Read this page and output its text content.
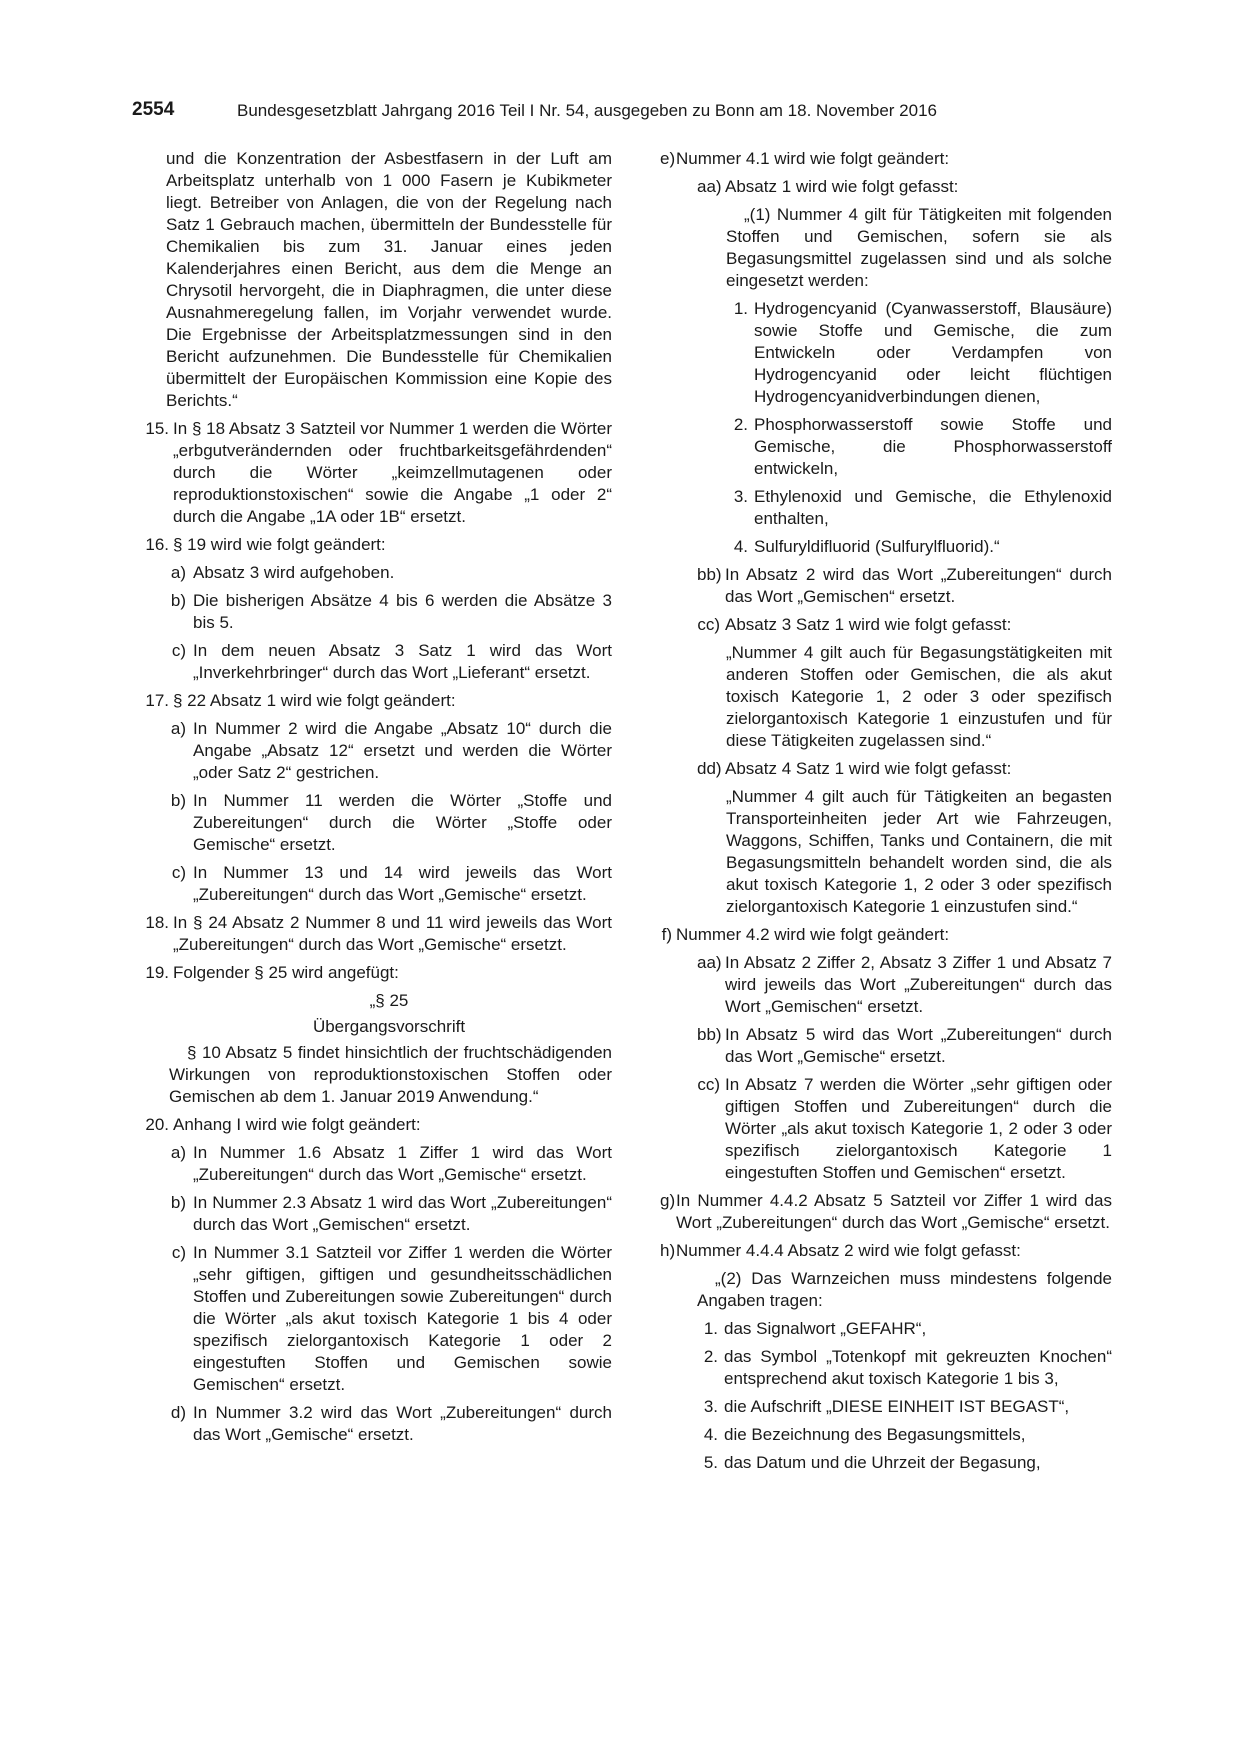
2554	Bundesgesetzblatt Jahrgang 2016 Teil I Nr. 54, ausgegeben zu Bonn am 18. November 2016

und die Konzentration der Asbestfasern in der Luft am Arbeitsplatz unterhalb von 1 000 Fasern je Kubikmeter liegt. Betreiber von Anlagen, die von der Regelung nach Satz 1 Gebrauch machen, übermitteln der Bundesstelle für Chemikalien bis zum 31. Januar eines jeden Kalenderjahres einen Bericht, aus dem die Menge an Chrysotil hervorgeht, die in Diaphragmen, die unter diese Ausnahmeregelung fallen, im Vorjahr verwendet wurde. Die Ergebnisse der Arbeitsplatzmessungen sind in den Bericht aufzunehmen. Die Bundesstelle für Chemikalien übermittelt der Europäischen Kommission eine Kopie des Berichts.“

15. In § 18 Absatz 3 Satzteil vor Nummer 1 werden die Wörter „erbgutverändernden oder fruchtbarkeitsgefährdenden“ durch die Wörter „keimzellmutagenen oder reproduktionstoxischen“ sowie die Angabe „1 oder 2“ durch die Angabe „1A oder 1B“ ersetzt.
16. § 19 wird wie folgt geändert:
a) Absatz 3 wird aufgehoben.
b) Die bisherigen Absätze 4 bis 6 werden die Absätze 3 bis 5.
c) In dem neuen Absatz 3 Satz 1 wird das Wort „Inverkehrbringer“ durch das Wort „Lieferant“ ersetzt.
17. § 22 Absatz 1 wird wie folgt geändert:
a) In Nummer 2 wird die Angabe „Absatz 10“ durch die Angabe „Absatz 12“ ersetzt und werden die Wörter „oder Satz 2“ gestrichen.
b) In Nummer 11 werden die Wörter „Stoffe und Zubereitungen“ durch die Wörter „Stoffe oder Gemische“ ersetzt.
c) In Nummer 13 und 14 wird jeweils das Wort „Zubereitungen“ durch das Wort „Gemische“ ersetzt.
18. In § 24 Absatz 2 Nummer 8 und 11 wird jeweils das Wort „Zubereitungen“ durch das Wort „Gemische“ ersetzt.
19. Folgender § 25 wird angefügt:

„§ 25

Übergangsvorschrift

§ 10 Absatz 5 findet hinsichtlich der fruchtschädigenden Wirkungen von reproduktionstoxischen Stoffen oder Gemischen ab dem 1. Januar 2019 Anwendung.“

20. Anhang I wird wie folgt geändert:
a) In Nummer 1.6 Absatz 1 Ziffer 1 wird das Wort „Zubereitungen“ durch das Wort „Gemische“ ersetzt.
b) In Nummer 2.3 Absatz 1 wird das Wort „Zubereitungen“ durch das Wort „Gemischen“ ersetzt.
c) In Nummer 3.1 Satzteil vor Ziffer 1 werden die Wörter „sehr giftigen, giftigen und gesundheitsschädlichen Stoffen und Zubereitungen sowie Zubereitungen“ durch die Wörter „als akut toxisch Kategorie 1 bis 4 oder spezifisch zielorgantoxisch Kategorie 1 oder 2 eingestuften Stoffen und Gemischen sowie Gemischen“ ersetzt.
d) In Nummer 3.2 wird das Wort „Zubereitungen“ durch das Wort „Gemische“ ersetzt.
e) Nummer 4.1 wird wie folgt geändert:
aa) Absatz 1 wird wie folgt gefasst:

„(1) Nummer 4 gilt für Tätigkeiten mit folgenden Stoffen und Gemischen, sofern sie als Begasungsmittel zugelassen sind und als solche eingesetzt werden:

1. Hydrogencyanid (Cyanwasserstoff, Blausäure) sowie Stoffe und Gemische, die zum Entwickeln oder Verdampfen von Hydrogencyanid oder leicht flüchtigen Hydrogencyanidverbindungen dienen,
2. Phosphorwasserstoff sowie Stoffe und Gemische, die Phosphorwasserstoff entwickeln,
3. Ethylenoxid und Gemische, die Ethylenoxid enthalten,
4. Sulfuryldifluorid (Sulfurylfluorid).“
bb) In Absatz 2 wird das Wort „Zubereitungen“ durch das Wort „Gemischen“ ersetzt.
cc) Absatz 3 Satz 1 wird wie folgt gefasst:

„Nummer 4 gilt auch für Begasungstätigkeiten mit anderen Stoffen oder Gemischen, die als akut toxisch Kategorie 1, 2 oder 3 oder spezifisch zielorgantoxisch Kategorie 1 einzustufen und für diese Tätigkeiten zugelassen sind.“

dd) Absatz 4 Satz 1 wird wie folgt gefasst:

„Nummer 4 gilt auch für Tätigkeiten an begasten Transporteinheiten jeder Art wie Fahrzeugen, Waggons, Schiffen, Tanks und Containern, die mit Begasungsmitteln behandelt worden sind, die als akut toxisch Kategorie 1, 2 oder 3 oder spezifisch zielorgantoxisch Kategorie 1 einzustufen sind.“

f) Nummer 4.2 wird wie folgt geändert:
aa) In Absatz 2 Ziffer 2, Absatz 3 Ziffer 1 und Absatz 7 wird jeweils das Wort „Zubereitungen“ durch das Wort „Gemischen“ ersetzt.
bb) In Absatz 5 wird das Wort „Zubereitungen“ durch das Wort „Gemische“ ersetzt.
cc) In Absatz 7 werden die Wörter „sehr giftigen oder giftigen Stoffen und Zubereitungen“ durch die Wörter „als akut toxisch Kategorie 1, 2 oder 3 oder spezifisch zielorgantoxisch Kategorie 1 eingestuften Stoffen und Gemischen“ ersetzt.
g) In Nummer 4.4.2 Absatz 5 Satzteil vor Ziffer 1 wird das Wort „Zubereitungen“ durch das Wort „Gemische“ ersetzt.
h) Nummer 4.4.4 Absatz 2 wird wie folgt gefasst:

„(2) Das Warnzeichen muss mindestens folgende Angaben tragen:

1. das Signalwort „GEFAHR“,
2. das Symbol „Totenkopf mit gekreuzten Knochen“ entsprechend akut toxisch Kategorie 1 bis 3,
3. die Aufschrift „DIESE EINHEIT IST BEGAST“,
4. die Bezeichnung des Begasungsmittels,
5. das Datum und die Uhrzeit der Begasung,
